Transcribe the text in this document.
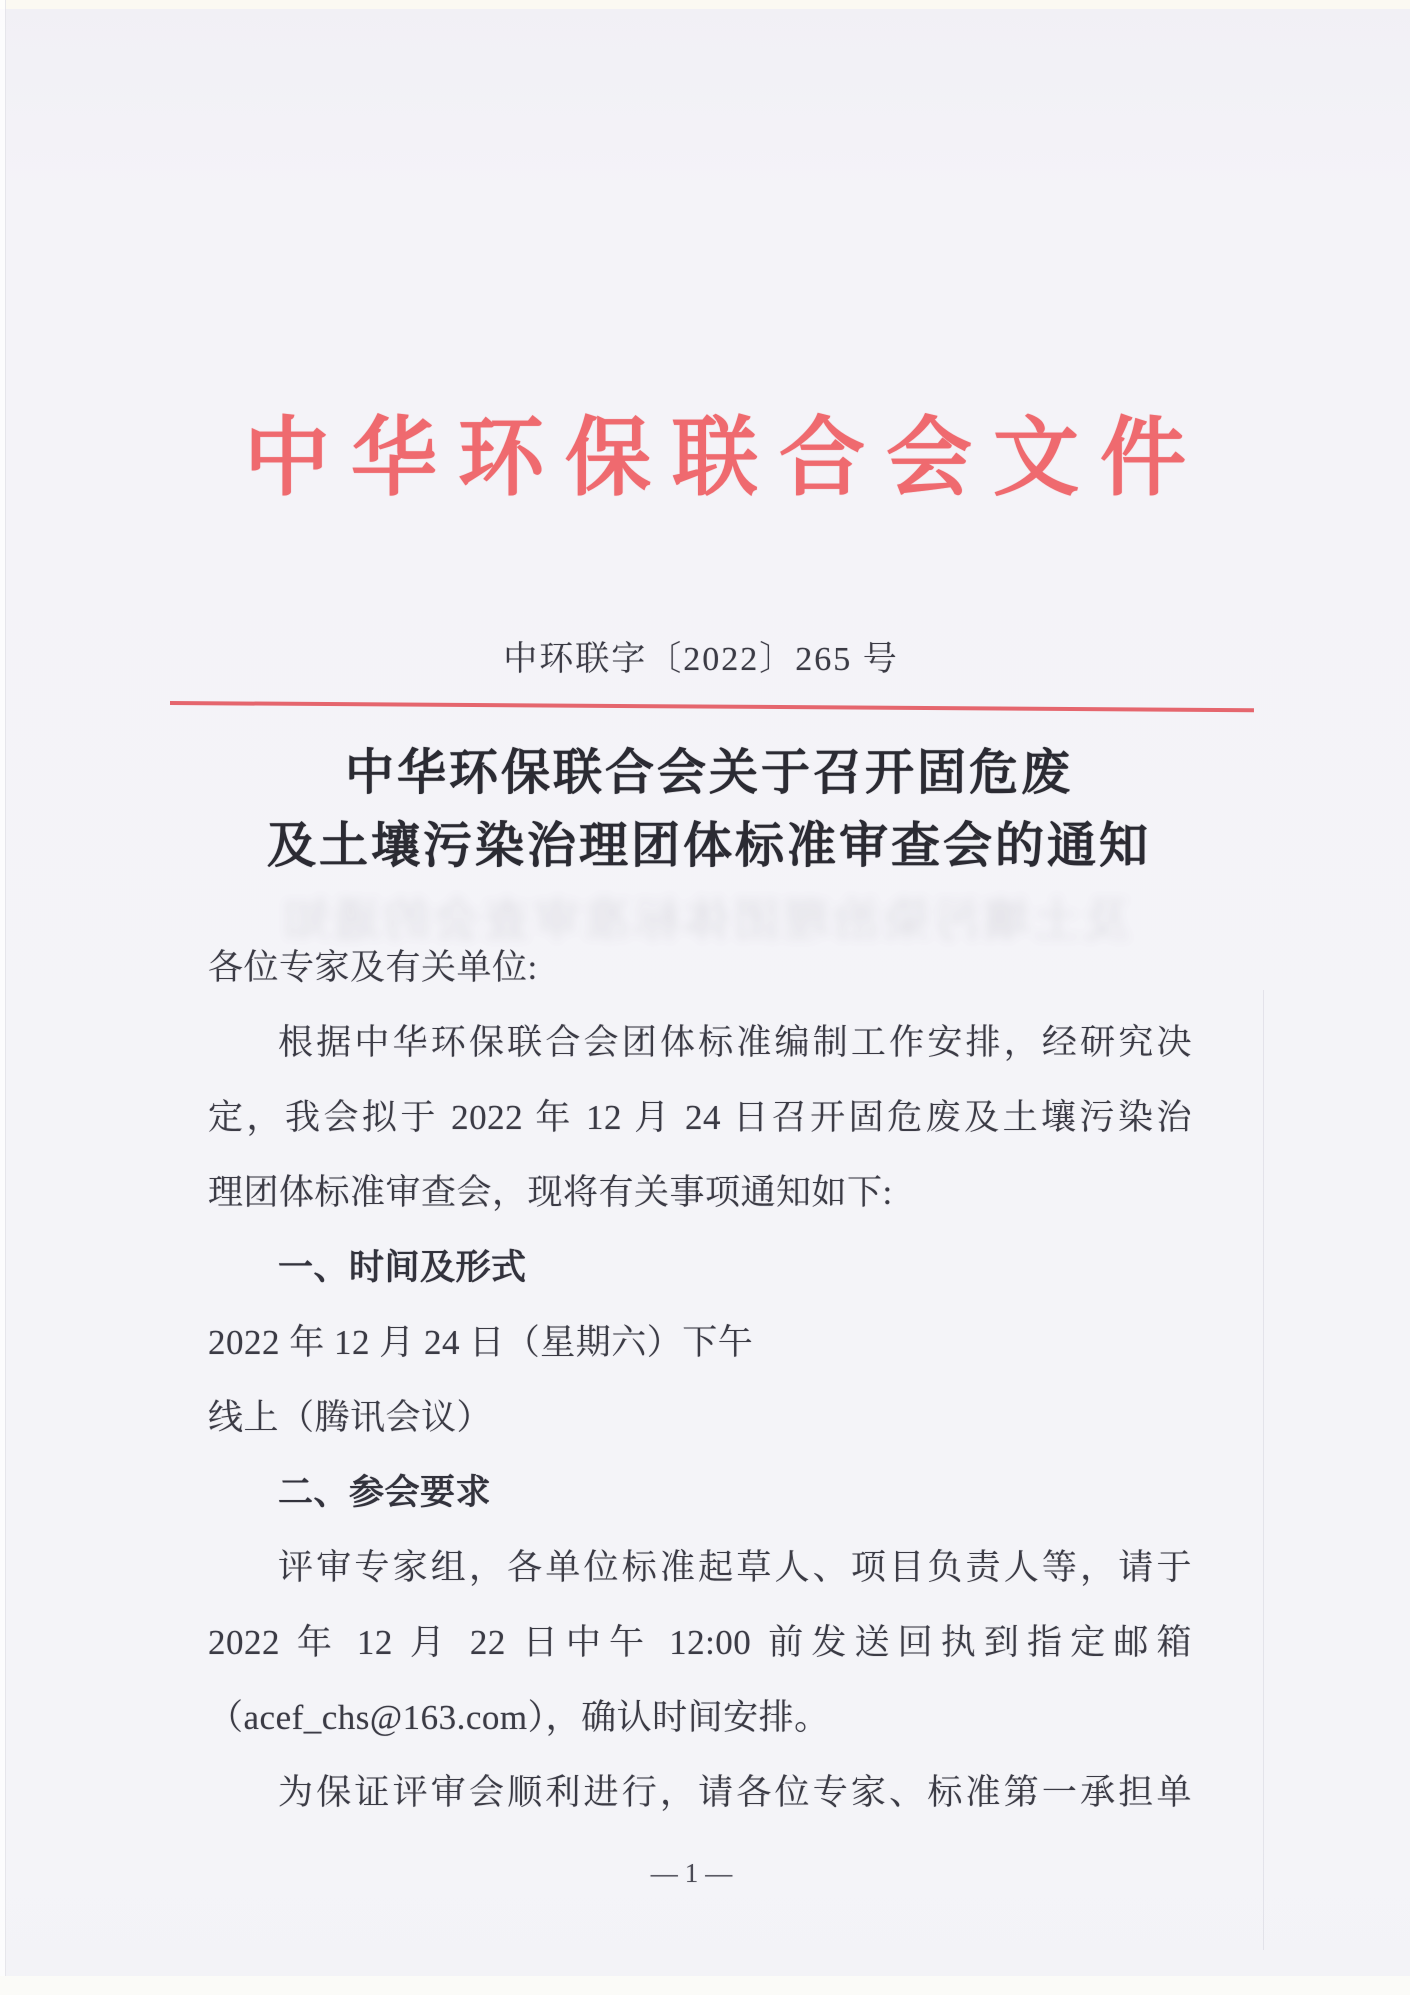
中华环保联合会文件
中环联字〔2022〕265 号
中华环保联合会关于召开固危废
及土壤污染治理团体标准审查会的通知
及土壤污染治理团体标准审查会的通知
各位专家及有关单位:
根据中华环保联合会团体标准编制工作安排，经研究决
定，我会拟于 2022 年 12 月 24 日召开固危废及土壤污染治
理团体标准审查会，现将有关事项通知如下:
一、时间及形式
2022 年 12 月 24 日（星期六）下午
线上（腾讯会议）
二、参会要求
评审专家组，各单位标准起草人、项目负责人等，请于
2022 年 12 月 22 日中午 12:00 前发送回执到指定邮箱
（acef_chs@163.com），确认时间安排。
为保证评审会顺利进行，请各位专家、标准第一承担单
—1—
